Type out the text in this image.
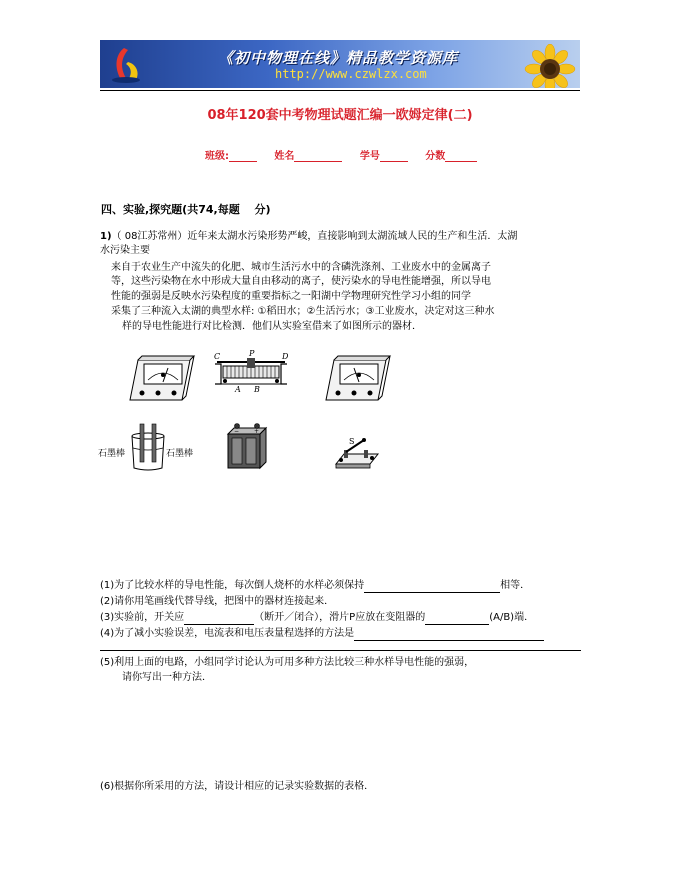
《初中物理在线》精品教学资源库
http://www.czwlzx.com
08年120套中考物理试题汇编一欧姆定律(二)
班级:	姓名	学号	分数
四、实验,探究题(共74,每题　 分)
1)（ 08江苏常州）近年来太湖水污染形势严峻，直接影响到太湖流域人民的生产和生活．太湖
水污染主要
来自于农业生产中流失的化肥、城市生活污水中的含磷洗涤剂、工业废水中的金属离子
等，这些污染物在水中形成大量自由移动的离子，使污染水的导电性能增强，所以导电
性能的强弱是反映水污染程度的重要指标之一阳湖中学物理研究性学习小组的同学
采集了三种流入太湖的典型水样: ①稻田水；②生活污水；③工业废水，决定对这三种水
样的导电性能进行对比检测．他们从实验室借来了如图所示的器材．
C	P	D
A B
石墨棒	石墨棒
− +
S
(1)为了比较水样的导电性能，每次倒人烧杯的水样必须保持	相等．
(2)请你用笔画线代替导线，把图中的器材连接起来．
(3)实验前，开关应	（断开／闭合），滑片P应放在变阻器的	(A/B)端．
(4)为了减小实验误差，电流表和电压表量程选择的方法是
(5)利用上面的电路，小组同学讨论认为可用多种方法比较三种水样导电性能的强弱，
请你写出一种方法．
(6)根据你所采用的方法，请设计相应的记录实验数据的表格．
